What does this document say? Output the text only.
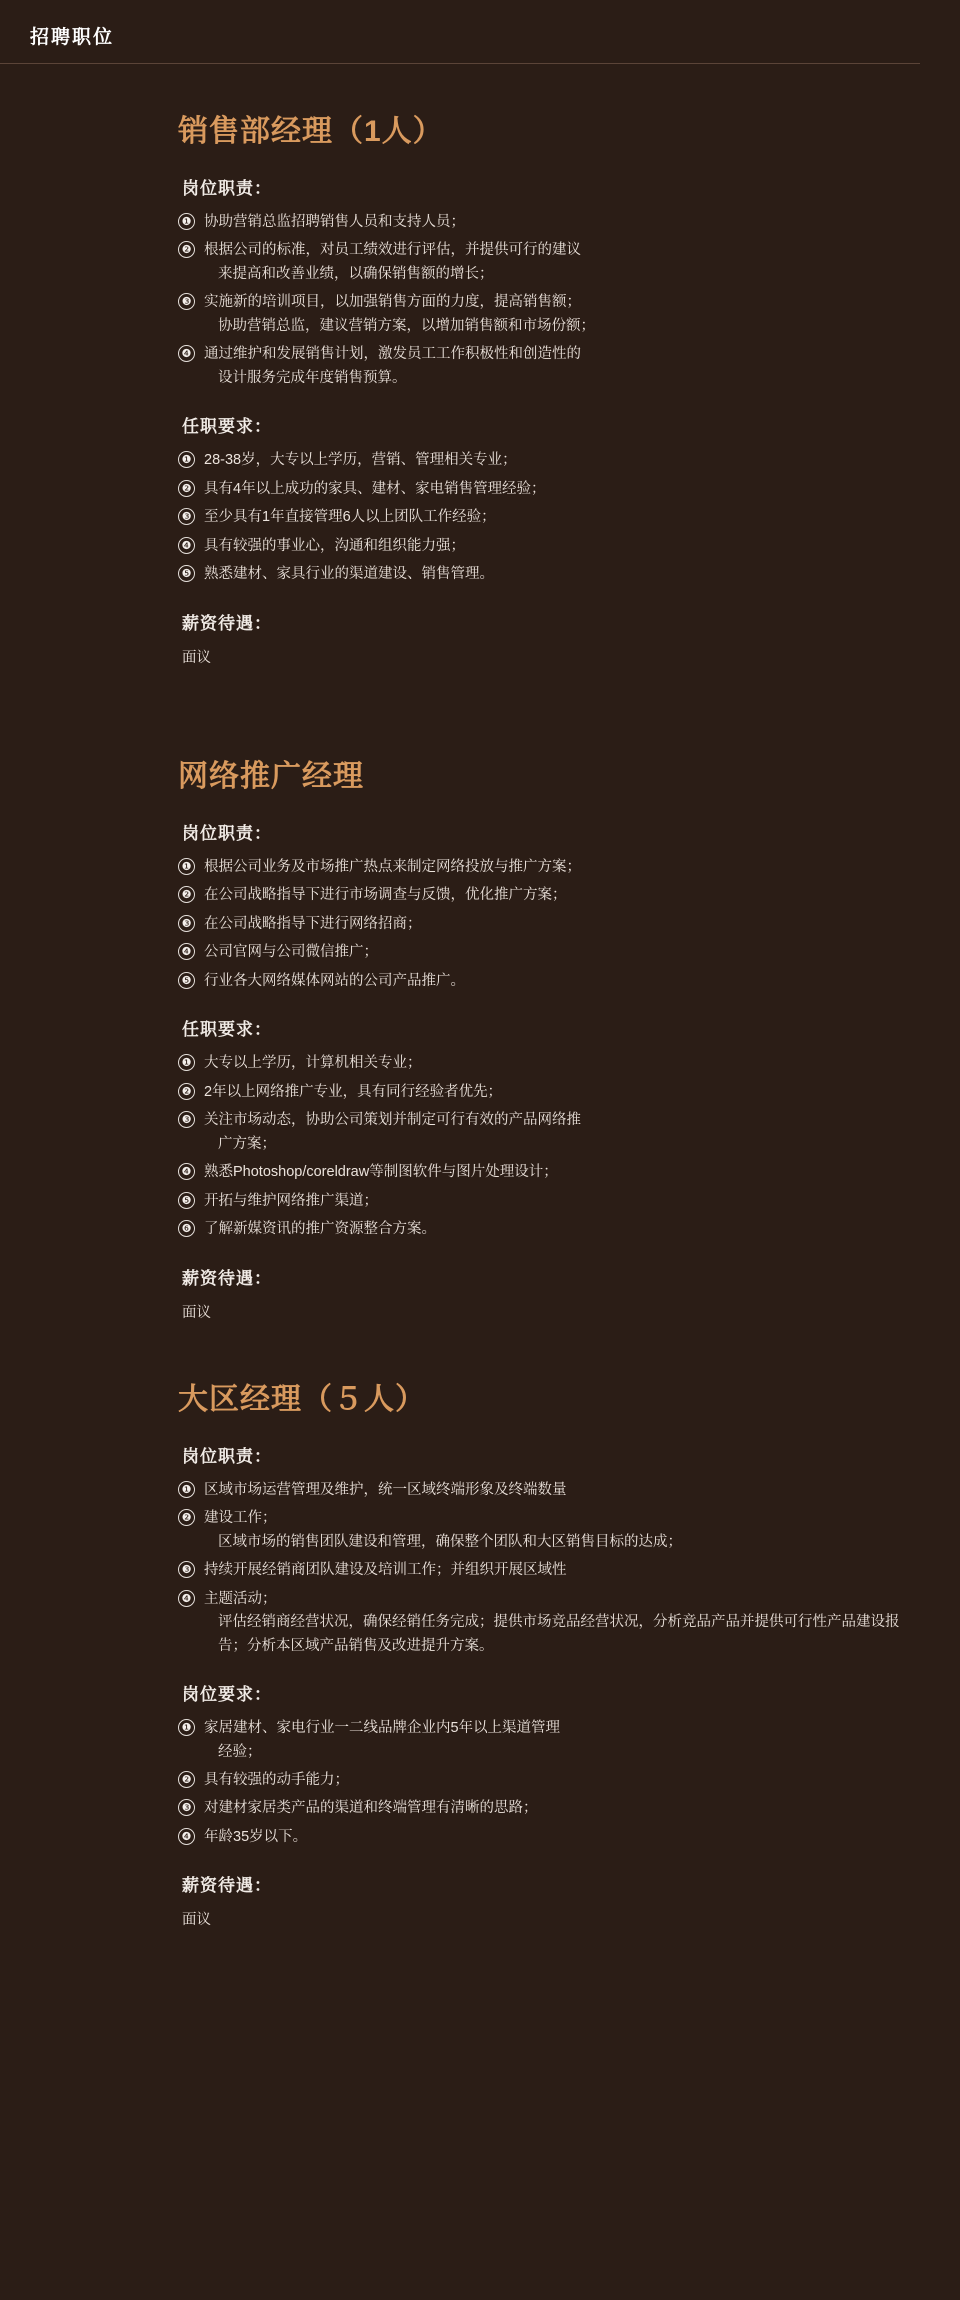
招聘职位
销售部经理（1人）
岗位职责：
❶ 协助营销总监招聘销售人员和支持人员；
❷ 根据公司的标准，对员工绩效进行评估，并提供可行的建议
来提高和改善业绩，以确保销售额的增长；
❸ 实施新的培训项目，以加强销售方面的力度，提高销售额；
协助营销总监，建议营销方案，以增加销售额和市场份额；
❹ 通过维护和发展销售计划，激发员工工作积极性和创造性的
设计服务完成年度销售预算。
任职要求：
❶ 28-38岁，大专以上学历，营销、管理相关专业；
❷ 具有4年以上成功的家具、建材、家电销售管理经验；
❸ 至少具有1年直接管理6人以上团队工作经验；
❹ 具有较强的事业心，沟通和组织能力强；
❺ 熟悉建材、家具行业的渠道建设、销售管理。
薪资待遇：
面议
网络推广经理
岗位职责：
❶ 根据公司业务及市场推广热点来制定网络投放与推广方案；
❷ 在公司战略指导下进行市场调查与反馈，优化推广方案；
❸ 在公司战略指导下进行网络招商；
❹ 公司官网与公司微信推广；
❺ 行业各大网络媒体网站的公司产品推广。
任职要求：
❶ 大专以上学历，计算机相关专业；
❷ 2年以上网络推广专业，具有同行经验者优先；
❸ 关注市场动态，协助公司策划并制定可行有效的产品网络推
广方案；
❹ 熟悉Photoshop/coreldraw等制图软件与图片处理设计；
❺ 开拓与维护网络推广渠道；
❻ 了解新媒资讯的推广资源整合方案。
薪资待遇：
面议
大区经理（５人）
岗位职责：
❶ 区域市场运营管理及维护，统一区域终端形象及终端数量
❷ 建设工作；
区域市场的销售团队建设和管理，确保整个团队和大区销售目标的达成；
❸ 持续开展经销商团队建设及培训工作；并组织开展区域性
❹ 主题活动；
评估经销商经营状况，确保经销任务完成；提供市场竞品经营状况，分析竞品产品并提供可行性产品建设报告；分析本区域产品销售及改进提升方案。
岗位要求：
❶ 家居建材、家电行业一二线品牌企业内5年以上渠道管理
经验；
❷ 具有较强的动手能力；
❸ 对建材家居类产品的渠道和终端管理有清晰的思路；
❹ 年龄35岁以下。
薪资待遇：
面议
